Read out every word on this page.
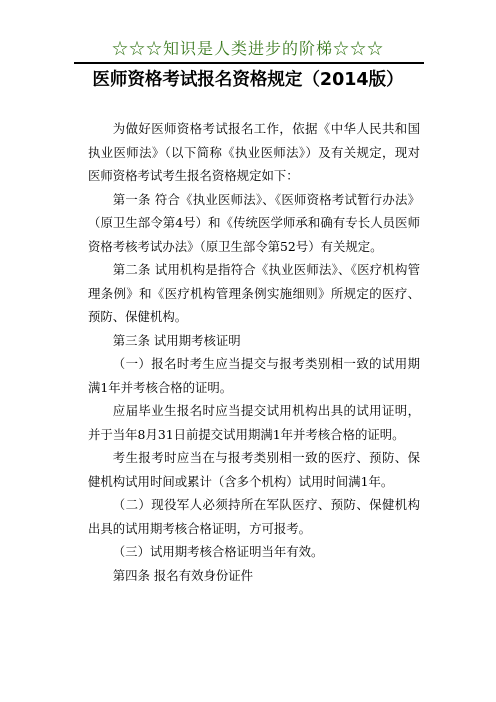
☆☆☆知识是人类进步的阶梯☆☆☆
医师资格考试报名资格规定（2014版）

为做好医师资格考试报名工作，依据《中华人民共和国执业医师法》（以下简称《执业医师法》）及有关规定，现对医师资格考试考生报名资格规定如下：

第一条 符合《执业医师法》、《医师资格考试暂行办法》（原卫生部令第4号）和《传统医学师承和确有专长人员医师资格考核考试办法》（原卫生部令第52号）有关规定。

第二条 试用机构是指符合《执业医师法》、《医疗机构管理条例》和《医疗机构管理条例实施细则》所规定的医疗、预防、保健机构。

第三条 试用期考核证明

（一）报名时考生应当提交与报考类别相一致的试用期满1年并考核合格的证明。

应届毕业生报名时应当提交试用机构出具的试用证明，并于当年8月31日前提交试用期满1年并考核合格的证明。

考生报考时应当在与报考类别相一致的医疗、预防、保健机构试用时间或累计（含多个机构）试用时间满1年。

（二）现役军人必须持所在军队医疗、预防、保健机构出具的试用期考核合格证明，方可报考。

（三）试用期考核合格证明当年有效。

第四条 报名有效身份证件
